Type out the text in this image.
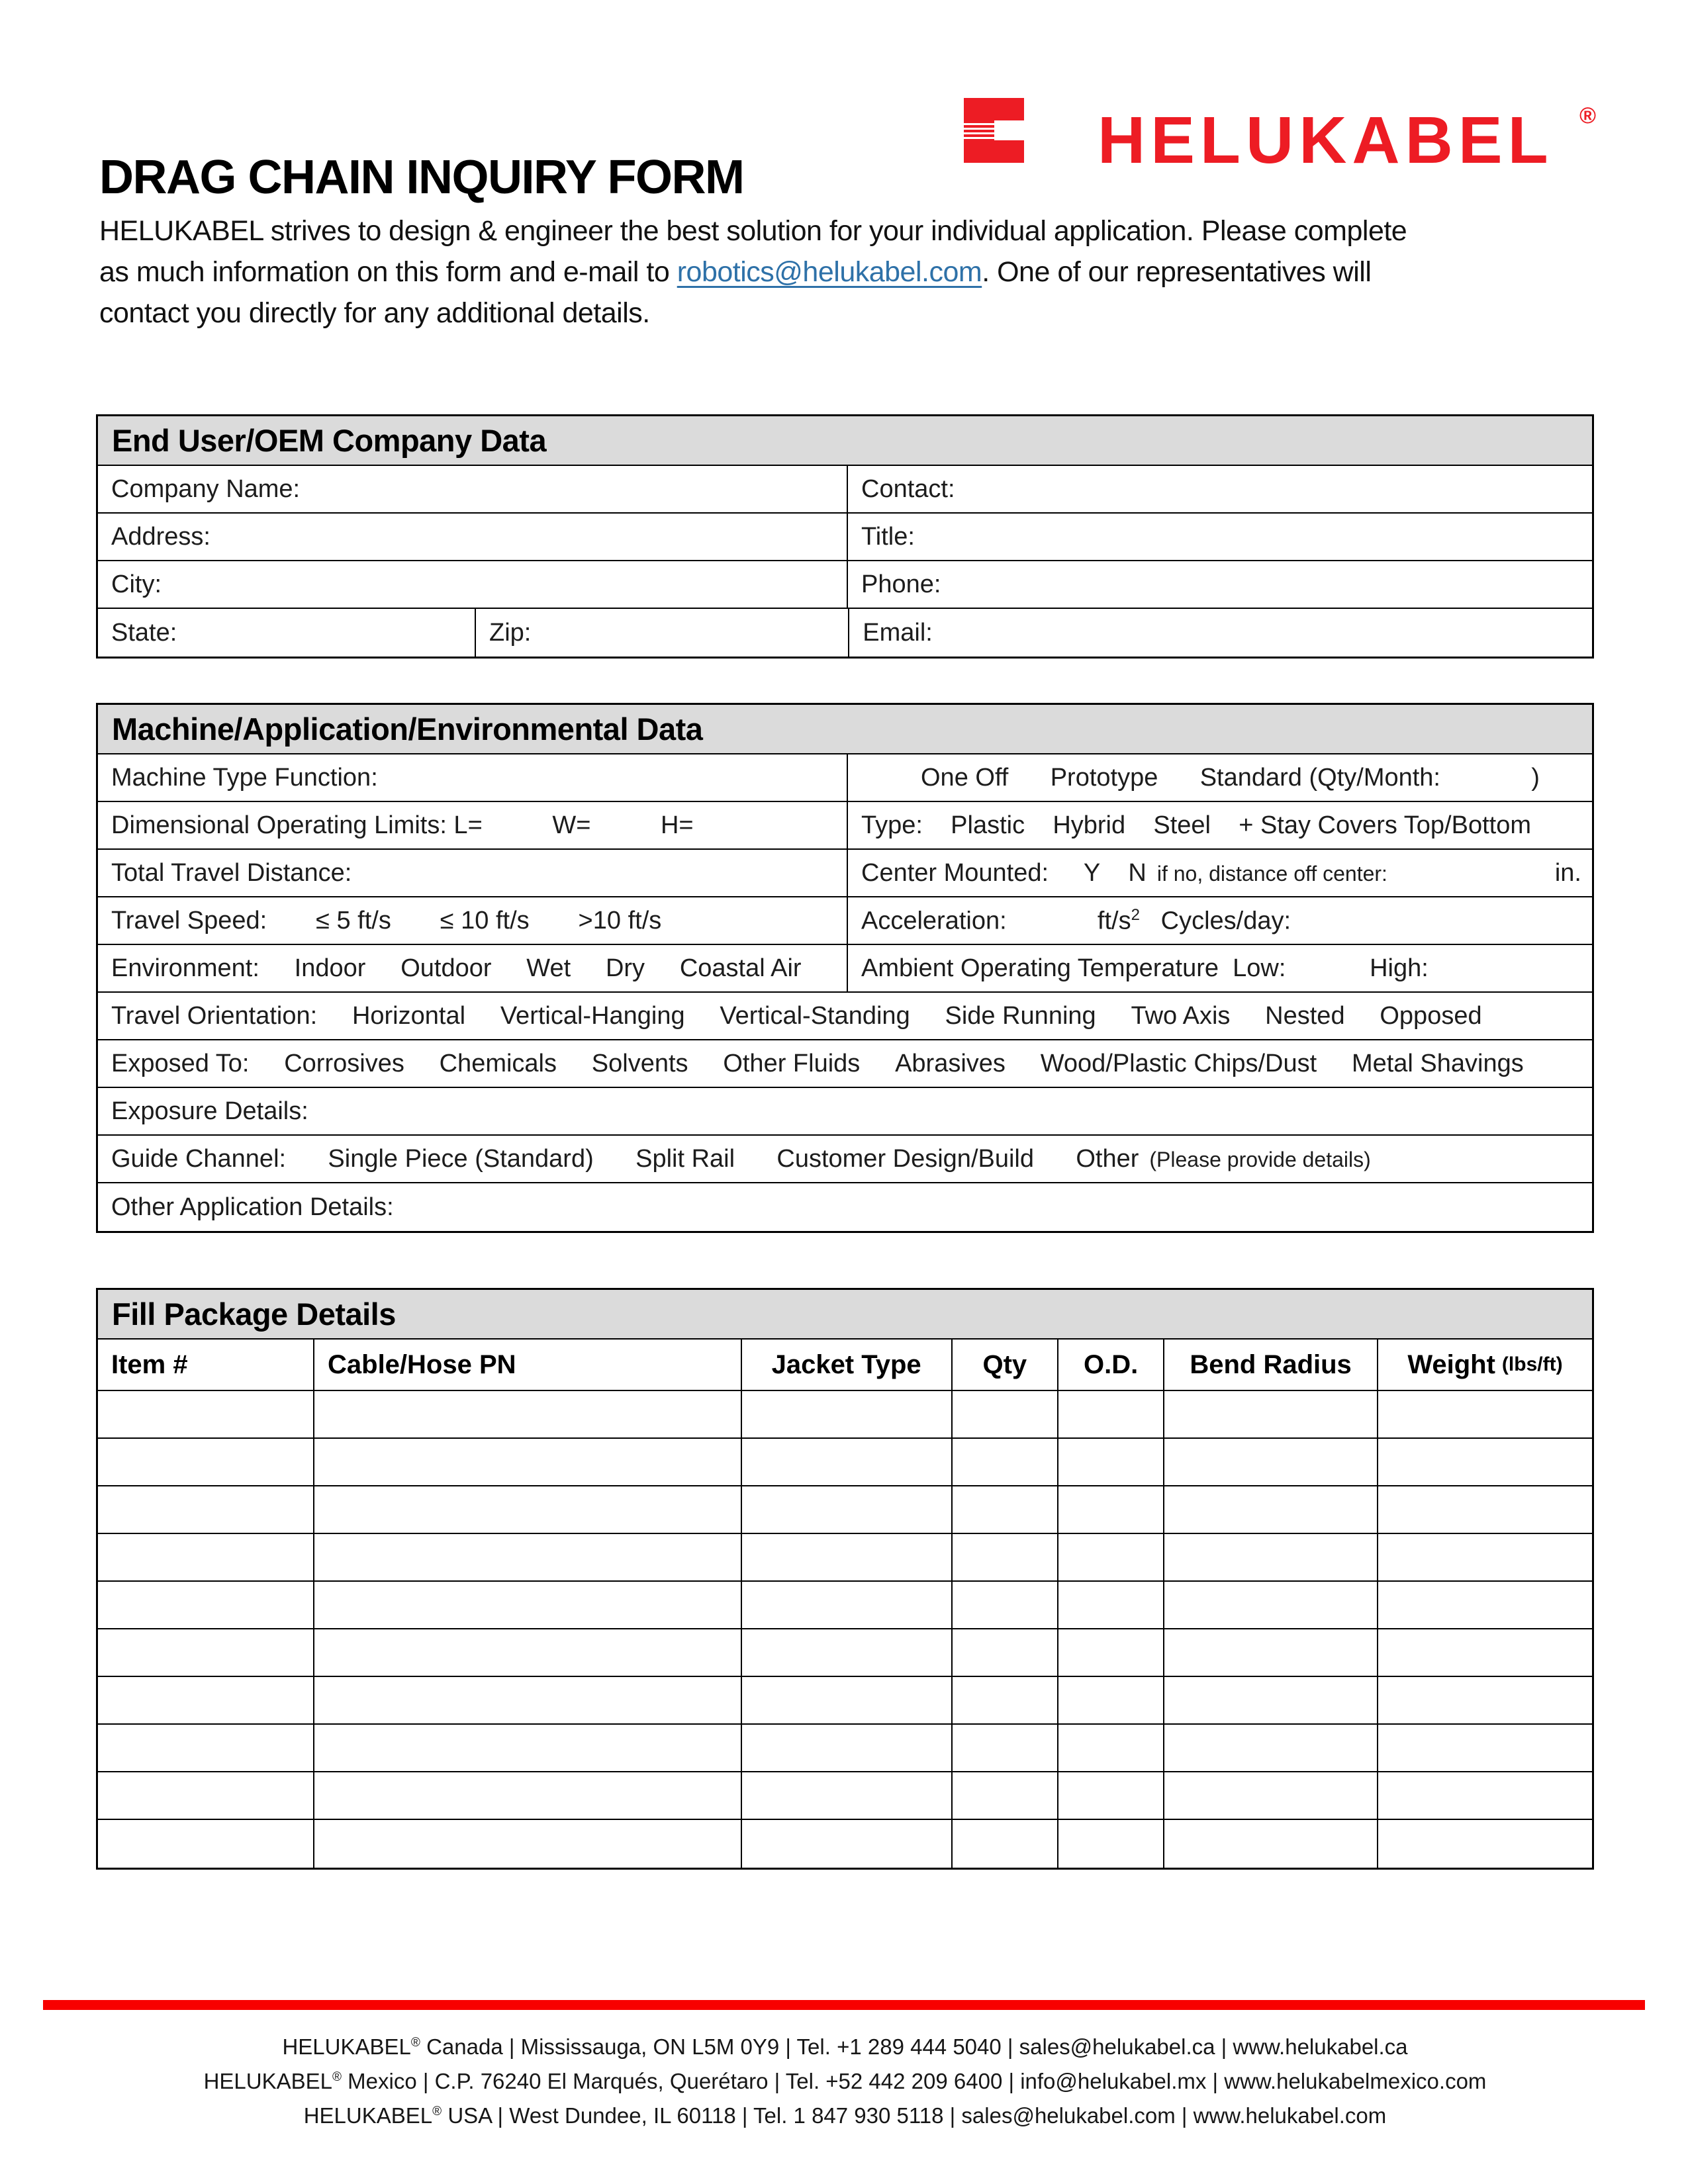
DRAG CHAIN INQUIRY FORM
HELUKABEL ®
HELUKABEL strives to design & engineer the best solution for your individual application. Please complete
as much information on this form and e-mail to robotics@helukabel.com. One of our representatives will
contact you directly for any additional details.
End User/OEM Company Data
Company Name:	Contact:
Address:	Title:
City:	Phone:
State:	Zip:	Email:
Machine/Application/Environmental Data
Machine Type Function:	One Off      Prototype      Standard (Qty/Month:             )
Dimensional Operating Limits: L=          W=          H=	Type:    Plastic    Hybrid    Steel    + Stay Covers Top/Bottom
Total Travel Distance:	Center Mounted:     Y    N if no, distance off center:	in.
Travel Speed:       ≤ 5 ft/s       ≤ 10 ft/s       >10 ft/s	Acceleration:             $ft/s^2$   Cycles/day:
Environment:     Indoor     Outdoor     Wet     Dry     Coastal Air	Ambient Operating Temperature  Low:            High:
Travel Orientation:     Horizontal     Vertical-Hanging     Vertical-Standing     Side Running     Two Axis     Nested     Opposed
Exposed To:     Corrosives     Chemicals     Solvents     Other Fluids     Abrasives     Wood/Plastic Chips/Dust     Metal Shavings
Exposure Details:
Guide Channel:      Single Piece (Standard)      Split Rail      Customer Design/Build      Other (Please provide details)
Other Application Details:
Fill Package Details
Item #	Cable/Hose PN	Jacket Type	Qty	O.D.	Bend Radius	Weight (lbs/ft)
HELUKABEL® Canada | Mississauga, ON L5M 0Y9 | Tel. +1 289 444 5040 | sales@helukabel.ca | www.helukabel.ca
HELUKABEL® Mexico | C.P. 76240 El Marqués, Querétaro | Tel. +52 442 209 6400 | info@helukabel.mx | www.helukabelmexico.com
HELUKABEL® USA | West Dundee, IL 60118 | Tel. 1 847 930 5118 | sales@helukabel.com | www.helukabel.com
